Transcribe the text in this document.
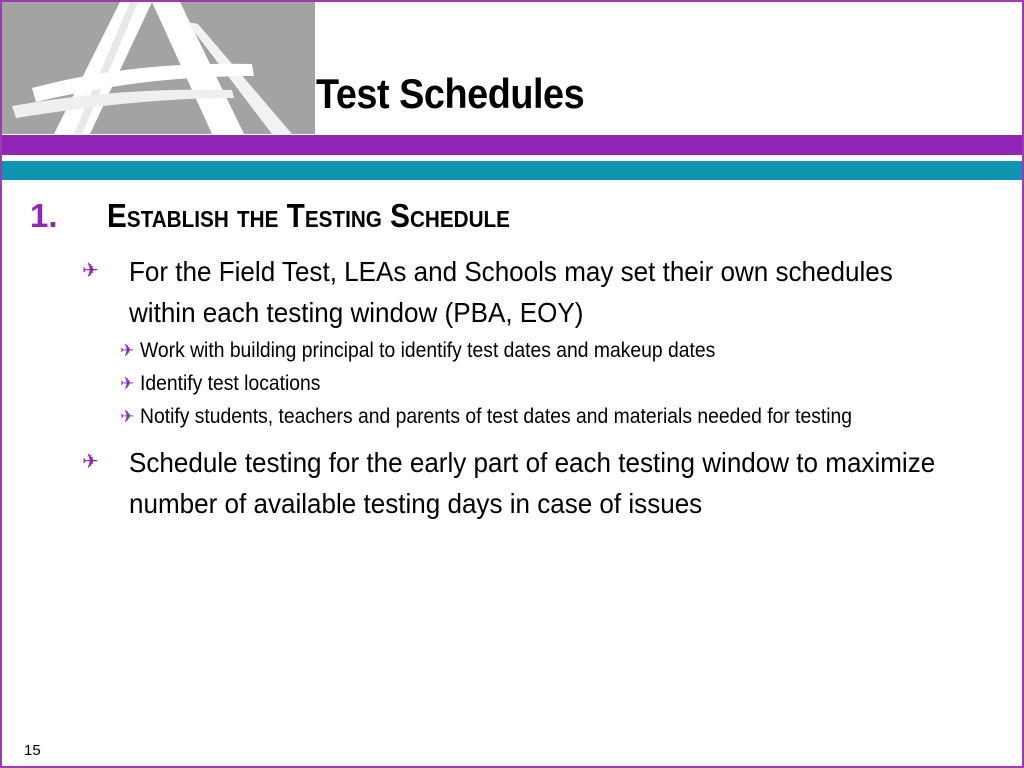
Test Schedules
1. Establish the Testing Schedule
✈	For the Field Test, LEAs and Schools may set their own schedules within each testing window (PBA, EOY)
✈ Work with building principal to identify test dates and makeup dates
✈ Identify test locations
✈ Notify students, teachers and parents of test dates and materials needed for testing
✈	Schedule testing for the early part of each testing window to maximize number of available testing days in case of issues
15
